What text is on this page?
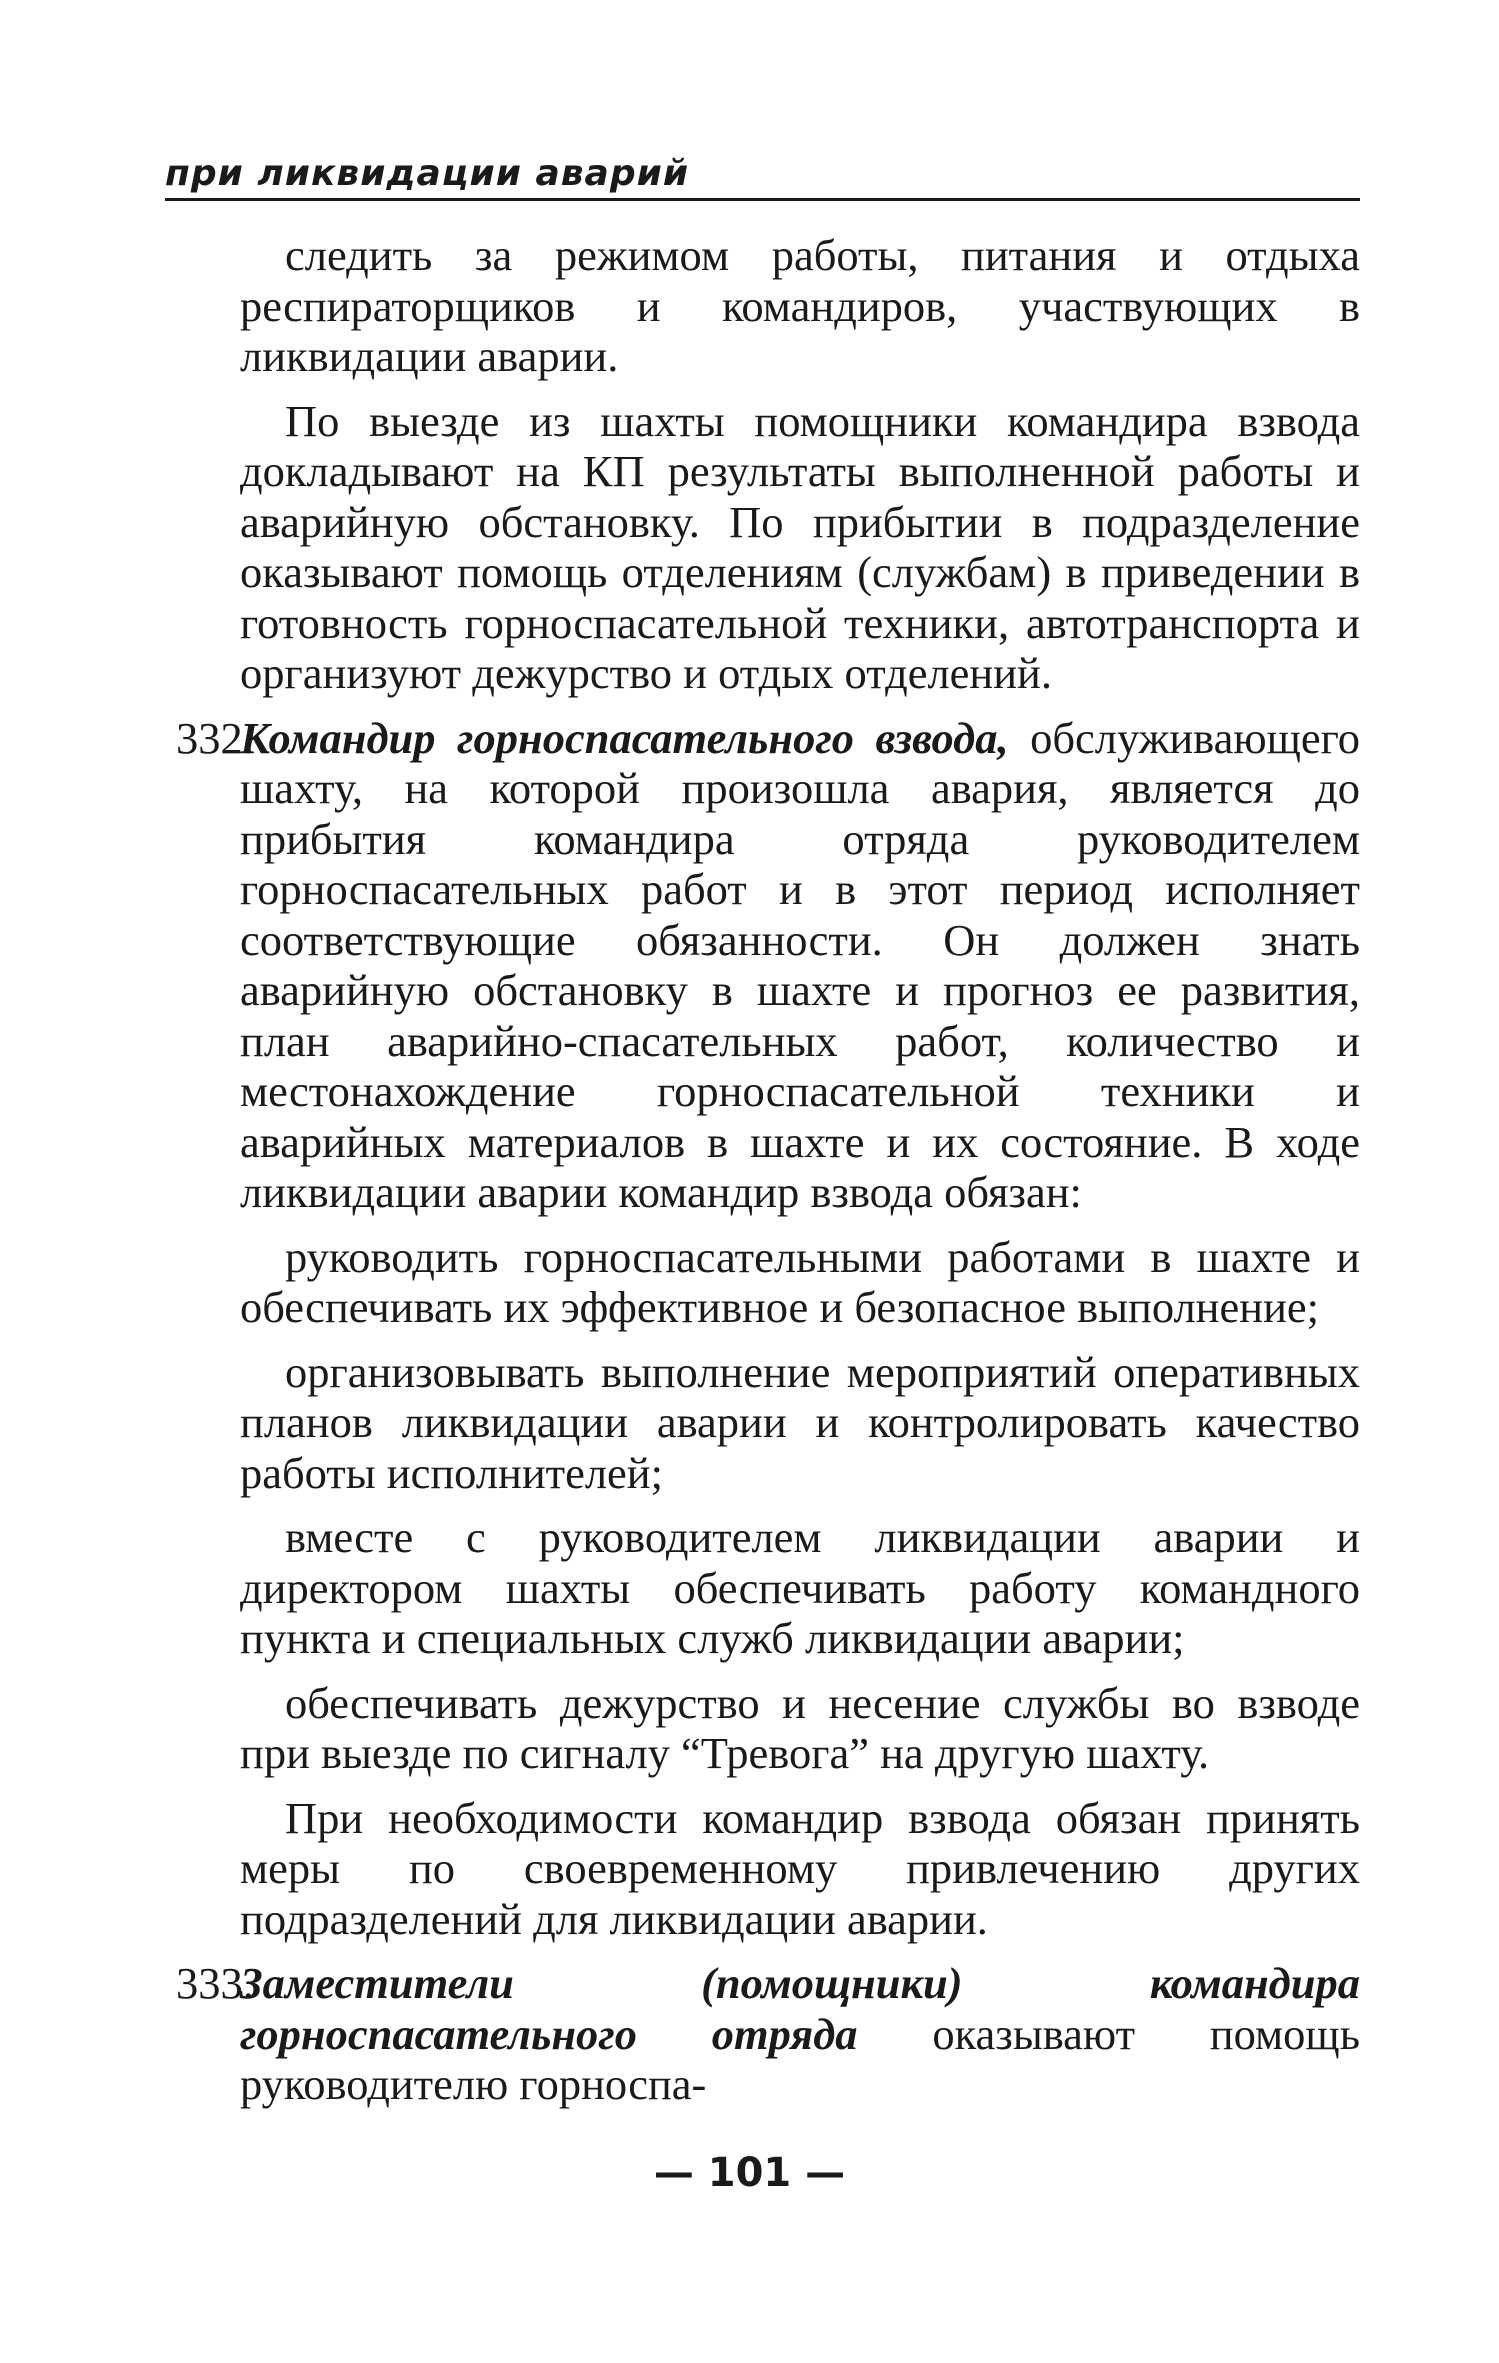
при ликвидации аварий

следить за режимом работы, питания и отдыха респираторщиков и командиров, участвующих в ликвидации аварии.

По выезде из шахты помощники командира взвода докладывают на КП результаты выполненной работы и аварийную обстановку. По прибытии в подразделение оказывают помощь отделениям (службам) в приведении в готовность горноспасательной техники, автотранспорта и организуют дежурство и отдых отделений.

332.
Командир горноспасательного взвода, обслуживающего шахту, на которой произошла авария, является до прибытия командира отряда руководителем горноспасательных работ и в этот период исполняет соответствующие обязанности. Он должен знать аварийную обстановку в шахте и прогноз ее развития, план аварийно-спасательных работ, количество и местонахождение горноспасательной техники и аварийных материалов в шахте и их состояние. В ходе ликвидации аварии командир взвода обязан:

руководить горноспасательными работами в шахте и обеспечивать их эффективное и безопасное выполнение;

организовывать выполнение мероприятий оперативных планов ликвидации аварии и контролировать качество работы исполнителей;

вместе с руководителем ликвидации аварии и директором шахты обеспечивать работу командного пункта и специальных служб ликвидации аварии;

обеспечивать дежурство и несение службы во взводе при выезде по сигналу “Тревога” на другую шахту.

При необходимости командир взвода обязан принять меры по своевременному привлечению других подразделений для ликвидации аварии.

333.
Заместители (помощники) командира горноспасательного отряда оказывают помощь руководителю горноспа-

— 101 —
